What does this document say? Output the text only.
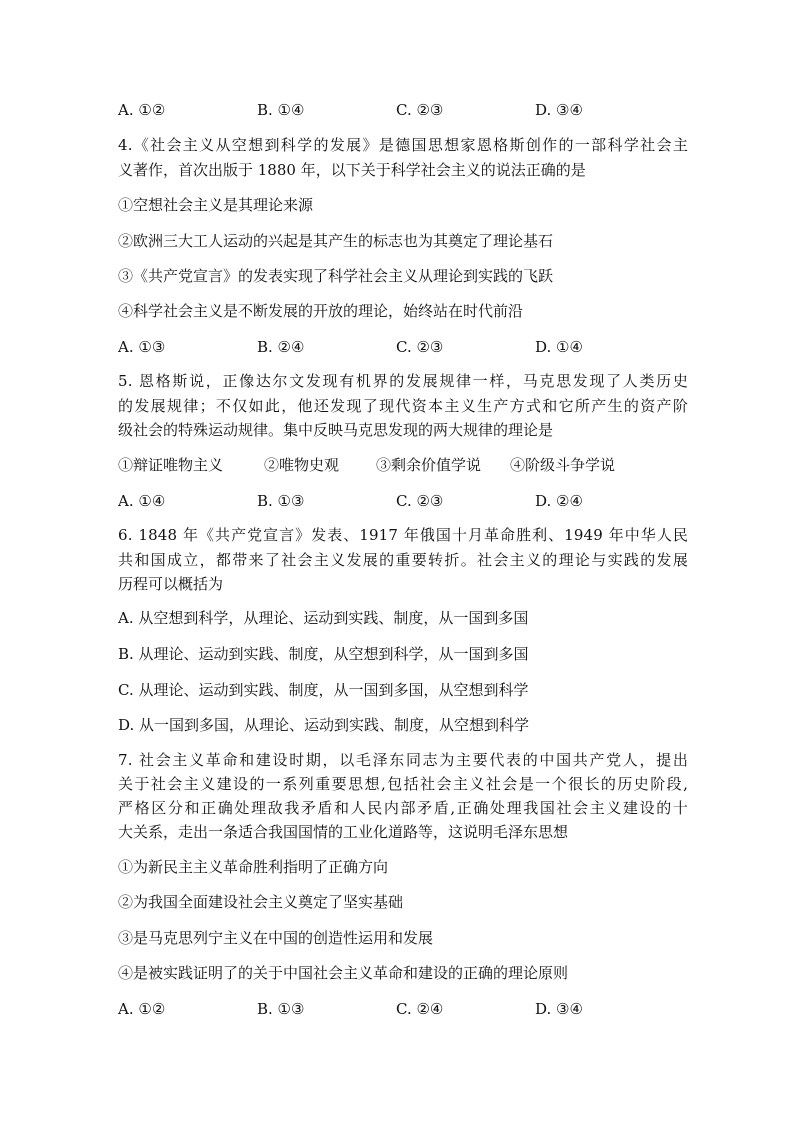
A. ①②	B. ①④	C. ②③	D. ③④
4.《社会主义从空想到科学的发展》是德国思想家恩格斯创作的一部科学社会主
义著作，首次出版于 1880 年，以下关于科学社会主义的说法正确的是
①空想社会主义是其理论来源
②欧洲三大工人运动的兴起是其产生的标志也为其奠定了理论基石
③《共产党宣言》的发表实现了科学社会主义从理论到实践的飞跃
④科学社会主义是不断发展的开放的理论，始终站在时代前沿
A. ①③	B. ②④	C. ②③	D. ①④
5. 恩格斯说，正像达尔文发现有机界的发展规律一样，马克思发现了人类历史
的发展规律；不仅如此，他还发现了现代资本主义生产方式和它所产生的资产阶
级社会的特殊运动规律。集中反映马克思发现的两大规律的理论是
①辩证唯物主义	②唯物史观 ③剩余价值学说 ④阶级斗争学说
A. ①④	B. ①③	C. ②③	D. ②④
6. 1848 年《共产党宣言》发表、1917 年俄国十月革命胜利、1949 年中华人民
共和国成立，都带来了社会主义发展的重要转折。社会主义的理论与实践的发展
历程可以概括为
A. 从空想到科学，从理论、运动到实践、制度，从一国到多国
B. 从理论、运动到实践、制度，从空想到科学，从一国到多国
C. 从理论、运动到实践、制度，从一国到多国，从空想到科学
D. 从一国到多国，从理论、运动到实践、制度，从空想到科学
7. 社会主义革命和建设时期，以毛泽东同志为主要代表的中国共产党人，提出
关于社会主义建设的一系列重要思想,包括社会主义社会是一个很长的历史阶段,
严格区分和正确处理敌我矛盾和人民内部矛盾,正确处理我国社会主义建设的十
大关系，走出一条适合我国国情的工业化道路等，这说明毛泽东思想
①为新民主主义革命胜利指明了正确方向
②为我国全面建设社会主义奠定了坚实基础
③是马克思列宁主义在中国的创造性运用和发展
④是被实践证明了的关于中国社会主义革命和建设的正确的理论原则
A. ①②	B. ①③	C. ②④	D. ③④
